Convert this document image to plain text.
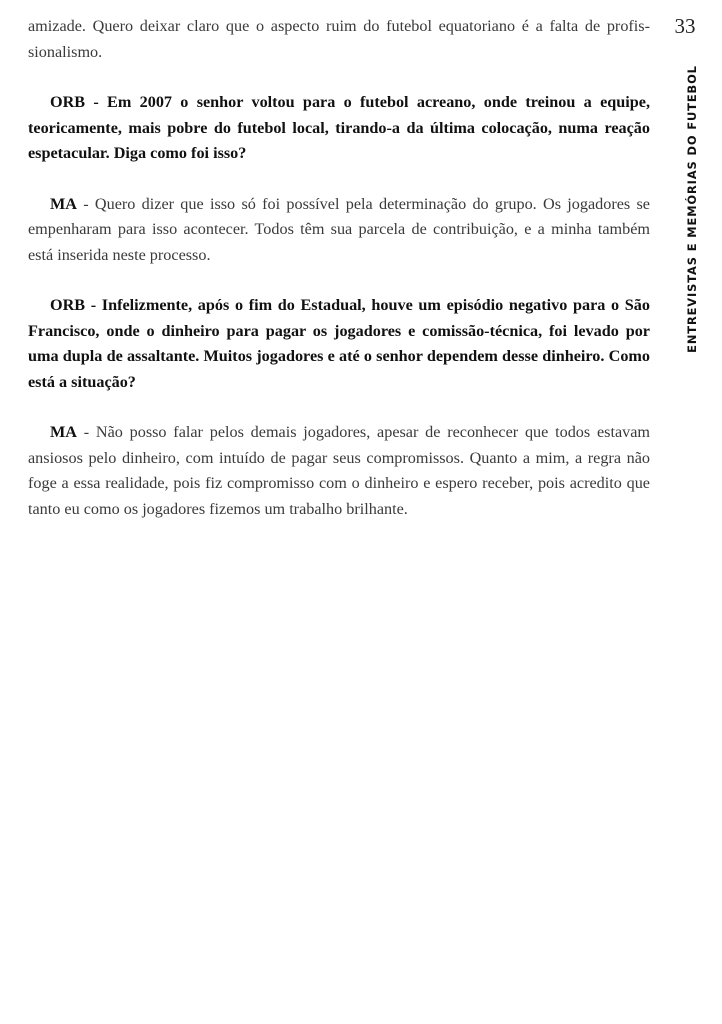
33
ENTREVISTAS E MEMÓRIAS DO FUTEBOL

amizade. Quero deixar claro que o aspecto ruim do futebol equatoriano é a falta de profissionalismo.

ORB - Em 2007 o senhor voltou para o futebol acreano, onde treinou a equipe, teoricamente, mais pobre do futebol local, tirando-a da última colocação, numa reação espetacular. Diga como foi isso?

MA - Quero dizer que isso só foi possível pela determinação do grupo. Os jogadores se empenharam para isso acontecer. Todos têm sua parcela de contribuição, e a minha também está inserida neste processo.

ORB - Infelizmente, após o fim do Estadual, houve um episódio negativo para o São Francisco, onde o dinheiro para pagar os jogadores e comissão-técnica, foi levado por uma dupla de assaltante. Muitos jogadores e até o senhor dependem desse dinheiro. Como está a situação?

MA - Não posso falar pelos demais jogadores, apesar de reconhecer que todos estavam ansiosos pelo dinheiro, com intuído de pagar seus compromissos. Quanto a mim, a regra não foge a essa realidade, pois fiz compromisso com o dinheiro e espero receber, pois acredito que tanto eu como os jogadores fizemos um trabalho brilhante.
